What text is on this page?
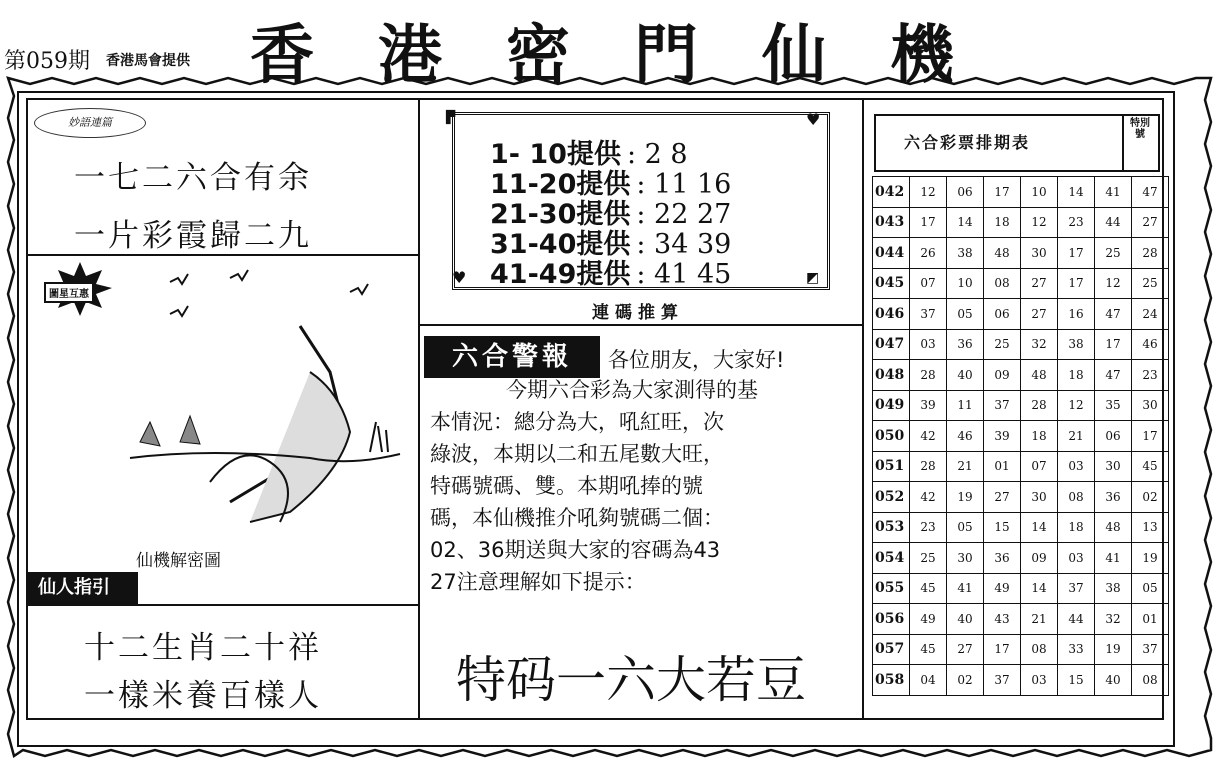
第059期 香港馬會提供 香港密門仙機
妙語連篇
一七二六合有余
一片彩霞歸二九
圖星互惠
仙機解密圖
仙人指引
十二生肖二十祥
一樣米養百樣人
▛	♥
♥	◩
1- 10提供 : 2 8
11-20提供 : 11 16
21-30提供 : 22 27
31-40提供 : 34 39
41-49提供 : 41 45
連碼推算
六合警報	各位朋友，大家好!
今期六合彩為大家測得的基
本情況：總分為大，吼紅旺，次
綠波，本期以二和五尾數大旺，
特碼號碼、雙。本期吼捧的號
碼，本仙機推介吼夠號碼二個：
02、36期送與大家的容碼為43
27注意理解如下提示：
特码一六大若豆
六合彩票排期表
特別號
042	12	06	17	10	14	41	47
043	17	14	18	12	23	44	27
044	26	38	48	30	17	25	28
045	07	10	08	27	17	12	25
046	37	05	06	27	16	47	24
047	03	36	25	32	38	17	46
048	28	40	09	48	18	47	23
049	39	11	37	28	12	35	30
050	42	46	39	18	21	06	17
051	28	21	01	07	03	30	45
052	42	19	27	30	08	36	02
053	23	05	15	14	18	48	13
054	25	30	36	09	03	41	19
055	45	41	49	14	37	38	05
056	49	40	43	21	44	32	01
057	45	27	17	08	33	19	37
058	04	02	37	03	15	40	08
